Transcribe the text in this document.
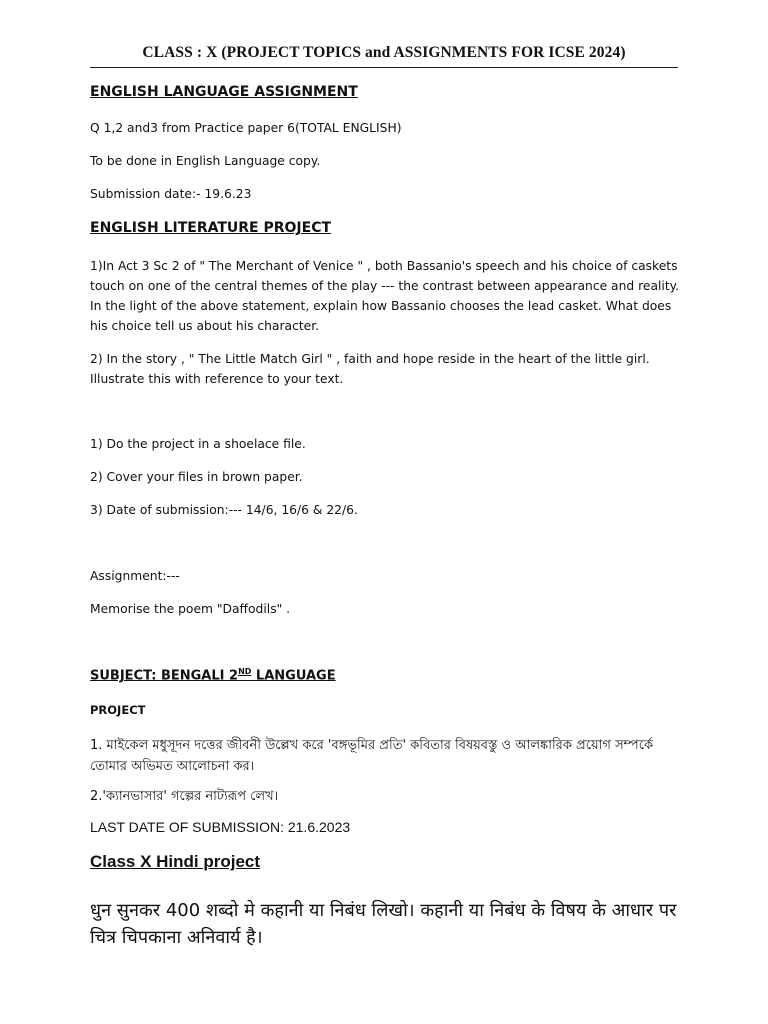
CLASS : X (PROJECT TOPICS and ASSIGNMENTS FOR ICSE 2024)
ENGLISH LANGUAGE ASSIGNMENT
Q 1,2 and3 from Practice paper 6(TOTAL ENGLISH)
To be done in English Language copy.
Submission date:- 19.6.23
ENGLISH LITERATURE PROJECT
1)In Act 3 Sc 2 of " The Merchant of Venice " , both Bassanio's speech and his choice of caskets touch on one of the central themes of the play --- the contrast between appearance and reality. In the light of the above statement, explain how Bassanio chooses the lead casket. What does his choice tell us about his character.
2) In the story , " The Little Match Girl " , faith and hope reside in the heart of the little girl. Illustrate this with reference to your text.
1) Do the project in a shoelace file.
2) Cover your files in brown paper.
3) Date of submission:--- 14/6, 16/6 & 22/6.
Assignment:---
Memorise the poem "Daffodils" .
SUBJECT: BENGALI 2ND LANGUAGE
PROJECT
1. মাইকেল মধুসূদন দত্তের জীবনী উল্লেখ করে 'বঙ্গভূমির প্রতি' কবিতার বিষয়বস্তু ও আলঙ্কারিক প্রয়োগ সম্পর্কে তোমার অভিমত আলোচনা কর।
2.'ক্যানভাসার' গল্পের নাট্যরূপ লেখ।
LAST DATE OF SUBMISSION: 21.6.2023
Class X Hindi project
धुन सुनकर 400 शब्दो मे कहानी या निबंध लिखो। कहानी या निबंध के विषय के आधार पर चित्र चिपकाना अनिवार्य है।
